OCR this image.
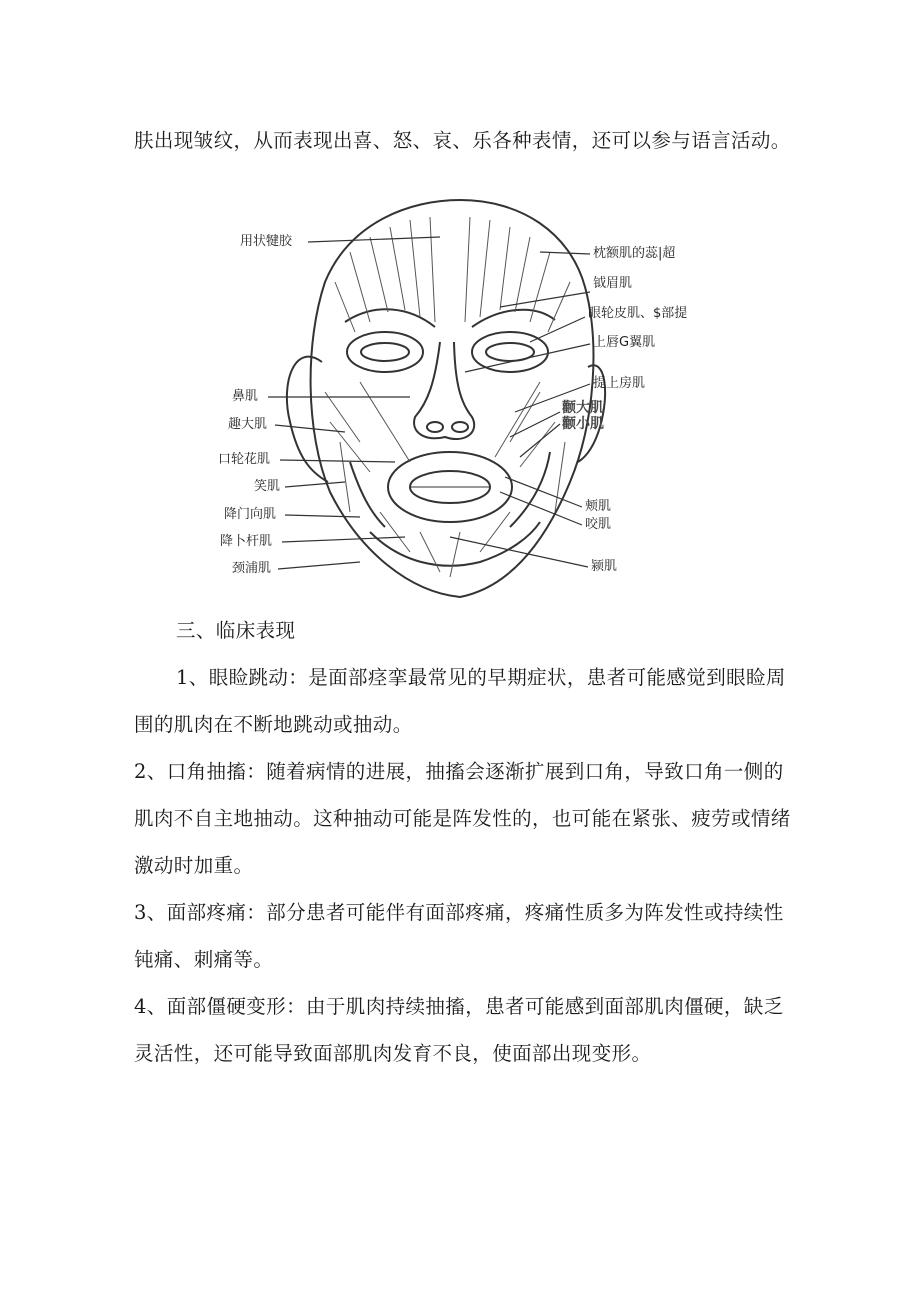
肤出现皱纹，从而表现出喜、怒、哀、乐各种表情，还可以参与语言活动。

用状犍胶
鼻肌
趣大肌
口轮花肌
笑肌
降门向肌
降卜杆肌
颈浦肌
枕额肌的蕊|超
钺眉肌
眼轮皮肌、$部提
上唇G翼肌
提上房肌
颧大肌
颧小肌
颊肌
咬肌
颍肌

三、临床表现

1、眼睑跳动：是面部痉挛最常见的早期症状，患者可能感觉到眼睑周围的肌肉在不断地跳动或抽动。

2、口角抽搐：随着病情的进展，抽搐会逐渐扩展到口角，导致口角一侧的肌肉不自主地抽动。这种抽动可能是阵发性的，也可能在紧张、疲劳或情绪激动时加重。

3、面部疼痛：部分患者可能伴有面部疼痛，疼痛性质多为阵发性或持续性钝痛、刺痛等。

4、面部僵硬变形：由于肌肉持续抽搐，患者可能感到面部肌肉僵硬，缺乏灵活性，还可能导致面部肌肉发育不良，使面部出现变形。
